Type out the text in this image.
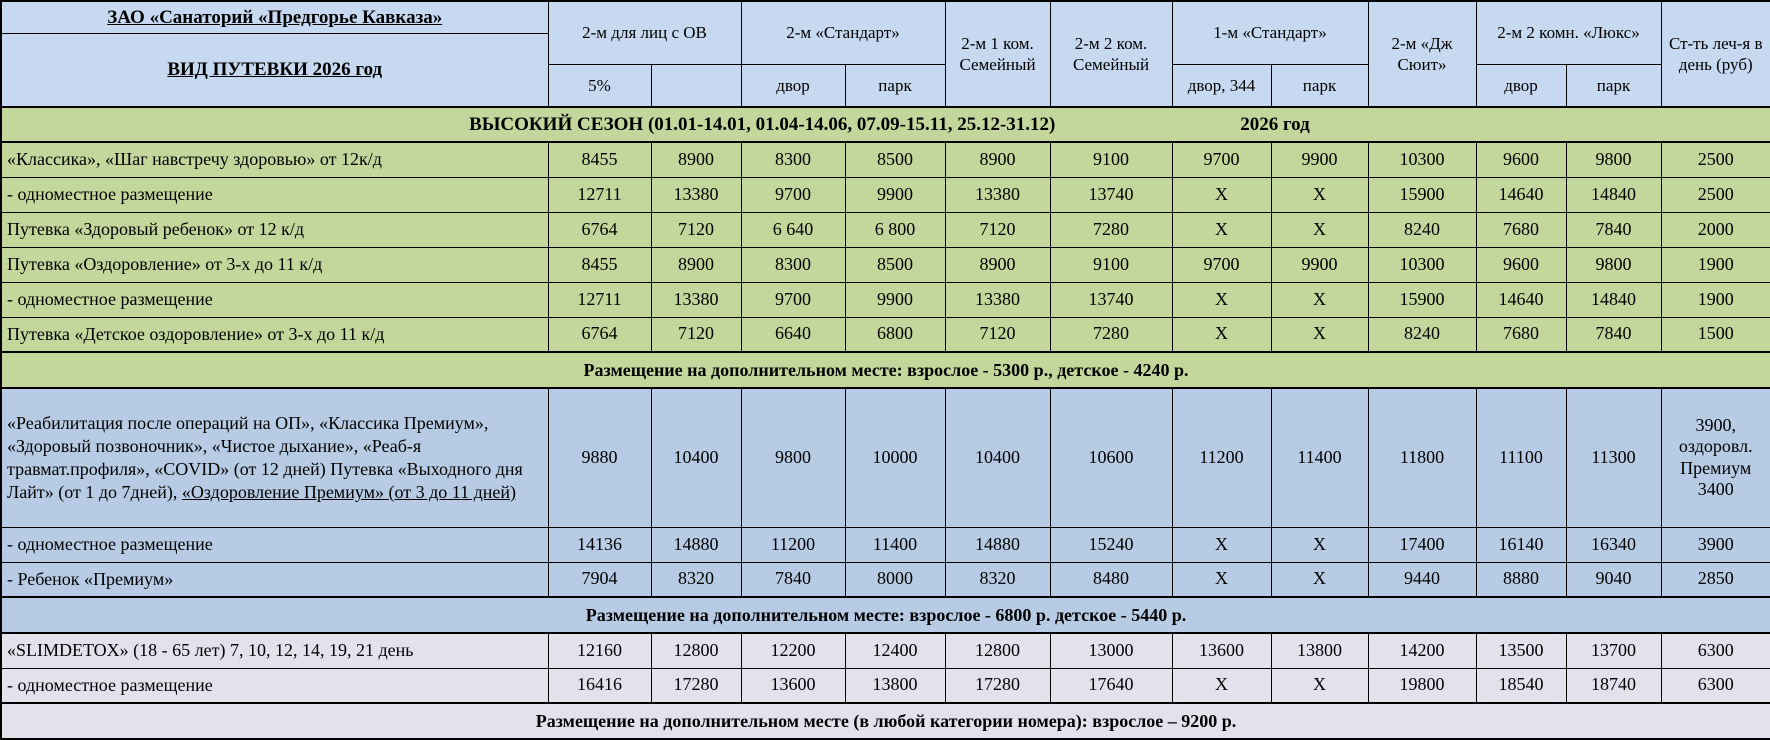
ЗАО «Санаторий «Предгорье Кавказа»
ВИД ПУТЕВКИ 2026 год	2-м для лиц с ОВ		2-м «Стандарт»		2-м 1 ком. Семейный	2-м 2 ком. Семейный	1-м «Стандарт»		2-м «Дж Сюит»	2-м 2 комн. «Люкс»		Ст-ть леч-я в день (руб)
	5%		двор	парк			двор, 344	парк		двор	парк	

ВЫСОКИЙ СЕЗОН (01.01-14.01, 01.04-14.06, 07.09-15.11, 25.12-31.12) 2026 год												

«Классика», «Шаг навстречу здоровью» от 12к/д	8455	8900	8300	8500	8900	9100	9700	9900	10300	9600	9800	2500
- одноместное размещение	12711	13380	9700	9900	13380	13740	Х	Х	15900	14640	14840	2500
Путевка «Здоровый ребенок» от 12 к/д	6764	7120	6 640	6 800	7120	7280	Х	Х	8240	7680	7840	2000
Путевка «Оздоровление» от 3-х до 11 к/д	8455	8900	8300	8500	8900	9100	9700	9900	10300	9600	9800	1900
- одноместное размещение	12711	13380	9700	9900	13380	13740	Х	Х	15900	14640	14840	1900
Путевка «Детское оздоровление» от 3-х до 11 к/д	6764	7120	6640	6800	7120	7280	Х	Х	8240	7680	7840	1500
Размещение на дополнительном месте: взрослое - 5300 р., детское - 4240 р.												
«Реабилитация после операций на ОП», «Классика Премиум», «Здоровый позвоночник», «Чистое дыхание», «Реаб-я травмат.профиля», «COVID» (от 12 дней) Путевка «Выходного дня Лайт» (от 1 до 7дней), «Оздоровление Премиум» (от 3 до 11 дней)	9880	10400	9800	10000	10400	10600	11200	11400	11800	11100	11300	3900, оздоровл. Премиум 3400
- одноместное размещение	14136	14880	11200	11400	14880	15240	Х	Х	17400	16140	16340	3900
- Ребенок «Премиум»	7904	8320	7840	8000	8320	8480	Х	Х	9440	8880	9040	2850
Размещение на дополнительном месте: взрослое - 6800 р. детское - 5440 р.												
«SLIMDETOX» (18 - 65 лет) 7, 10, 12, 14, 19, 21 день	12160	12800	12200	12400	12800	13000	13600	13800	14200	13500	13700	6300
- одноместное размещение	16416	17280	13600	13800	17280	17640	Х	Х	19800	18540	18740	6300
Размещение на дополнительном месте (в любой категории номера): взрослое – 9200 р.												
